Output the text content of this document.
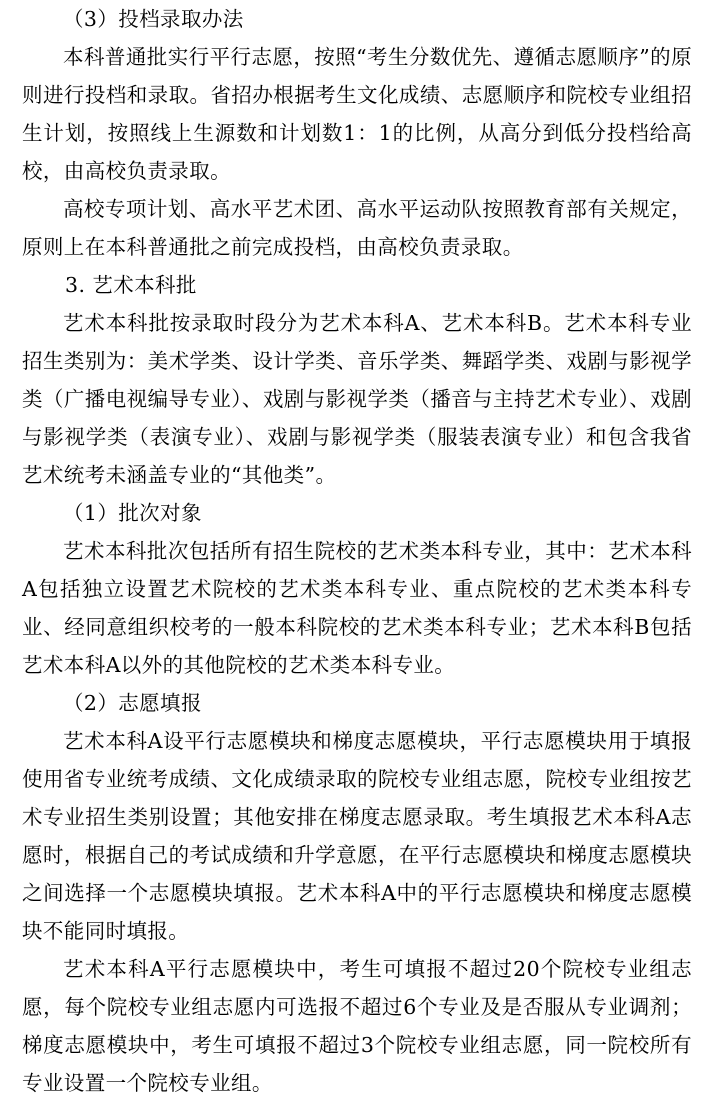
（3）投档录取办法

本科普通批实行平行志愿，按照“考生分数优先、遵循志愿顺序”的原则进行投档和录取。省招办根据考生文化成绩、志愿顺序和院校专业组招生计划，按照线上生源数和计划数1：1的比例，从高分到低分投档给高校，由高校负责录取。

高校专项计划、高水平艺术团、高水平运动队按照教育部有关规定，原则上在本科普通批之前完成投档，由高校负责录取。

3. 艺术本科批

艺术本科批按录取时段分为艺术本科A、艺术本科B。艺术本科专业招生类别为：美术学类、设计学类、音乐学类、舞蹈学类、戏剧与影视学类（广播电视编导专业）、戏剧与影视学类（播音与主持艺术专业）、戏剧与影视学类（表演专业）、戏剧与影视学类（服装表演专业）和包含我省艺术统考未涵盖专业的“其他类”。

（1）批次对象

艺术本科批次包括所有招生院校的艺术类本科专业，其中：艺术本科A包括独立设置艺术院校的艺术类本科专业、重点院校的艺术类本科专业、经同意组织校考的一般本科院校的艺术类本科专业；艺术本科B包括艺术本科A以外的其他院校的艺术类本科专业。

（2）志愿填报

艺术本科A设平行志愿模块和梯度志愿模块，平行志愿模块用于填报使用省专业统考成绩、文化成绩录取的院校专业组志愿，院校专业组按艺术专业招生类别设置；其他安排在梯度志愿录取。考生填报艺术本科A志愿时，根据自己的考试成绩和升学意愿，在平行志愿模块和梯度志愿模块之间选择一个志愿模块填报。艺术本科A中的平行志愿模块和梯度志愿模块不能同时填报。

艺术本科A平行志愿模块中，考生可填报不超过20个院校专业组志愿，每个院校专业组志愿内可选报不超过6个专业及是否服从专业调剂；梯度志愿模块中，考生可填报不超过3个院校专业组志愿，同一院校所有专业设置一个院校专业组。
